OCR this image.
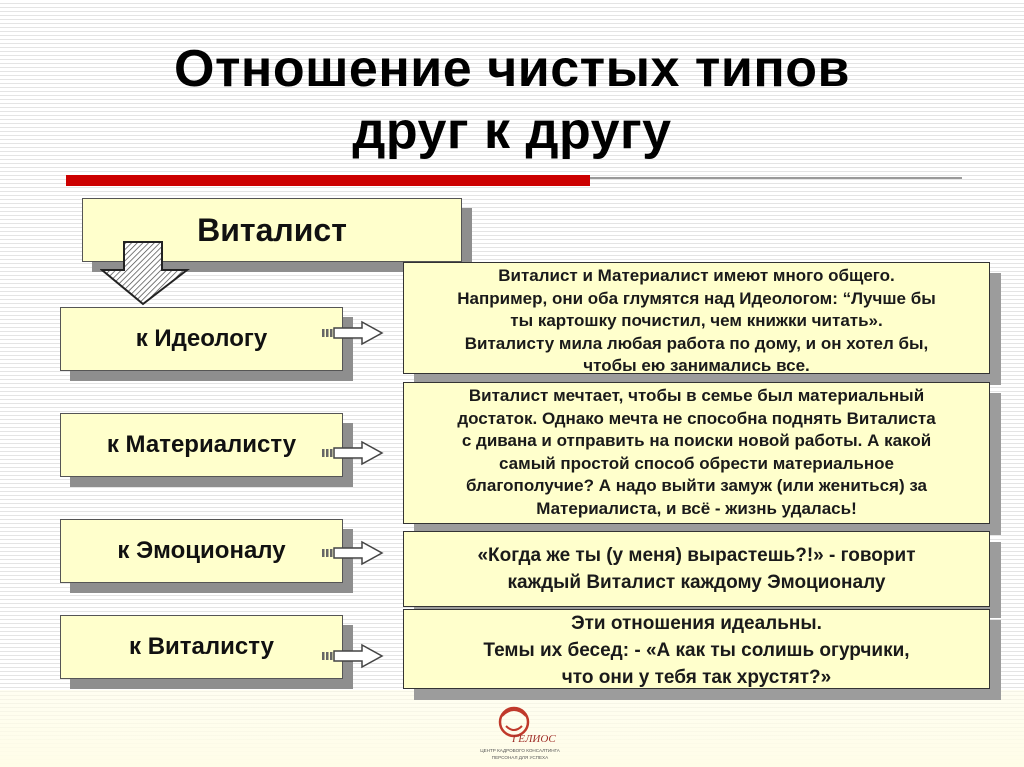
Отношение чистых типов
друг к другу
Виталист
к Идеологу
Виталист и Материалист имеют много общего.
Например, они оба глумятся над Идеологом: “Лучше бы
ты картошку почистил, чем книжки читать».
Виталисту мила любая работа по дому, и он хотел бы,
чтобы ею занимались все.
к Материалисту
Виталист мечтает, чтобы в семье был материальный
достаток. Однако мечта не способна поднять Виталиста
с дивана и отправить на поиски новой работы. А какой
самый простой способ обрести материальное
благополучие? А надо выйти замуж (или жениться) за
Материалиста, и всё - жизнь удалась!
к Эмоционалу	«Когда же ты (у меня) вырастешь?!» - говорит
каждый Виталист каждому Эмоционалу
к Виталисту
Эти отношения идеальны.
Темы их бесед: - «А как ты солишь огурчики,
что они у тебя так хрустят?»
ГЕЛИОС
ЦЕНТР КАДРОВОГО КОНСАЛТИНГА
ПЕРСОНАЛ ДЛЯ УСПЕХА
